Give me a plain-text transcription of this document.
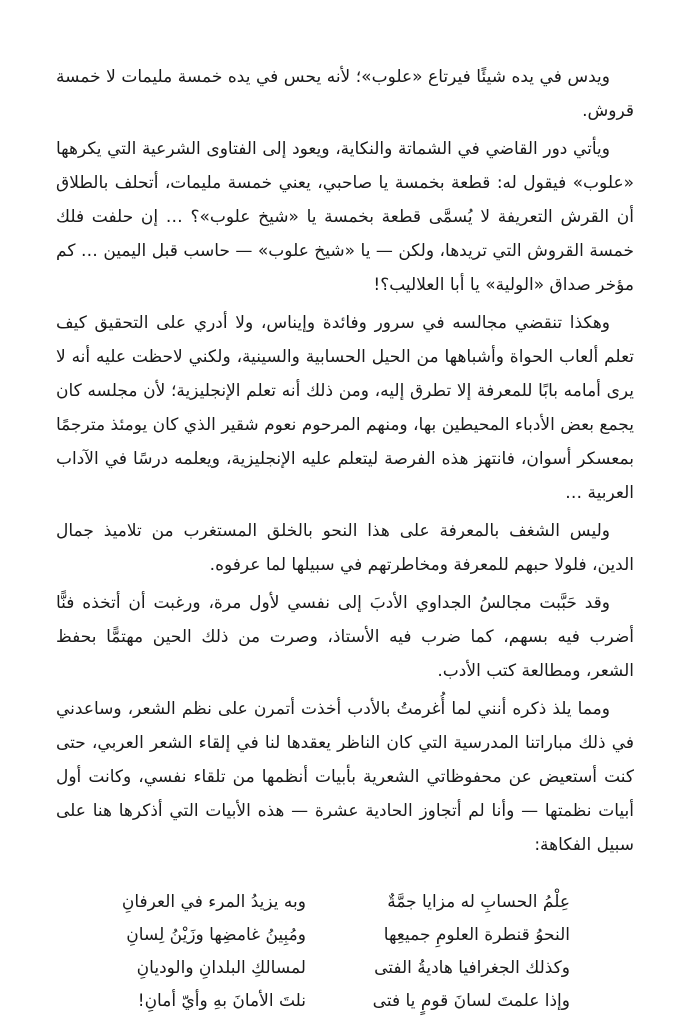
ويدس في يده شيئًا فيرتاع «علوب»؛ لأنه يحس في يده خمسة مليمات لا خمسة قروش.

ويأتي دور القاضي في الشماتة والنكاية، ويعود إلى الفتاوى الشرعية التي يكرهها «علوب» فيقول له: قطعة بخمسة يا صاحبي، يعني خمسة مليمات، أتحلف بالطلاق أن القرش التعريفة لا يُسمَّى قطعة بخمسة يا «شيخ علوب»؟ … إن حلفت فلك خمسة القروش التي تريدها، ولكن — يا «شيخ علوب» — حاسب قبل اليمين … كم مؤخر صداق «الولية» يا أبا العلاليب؟!

وهكذا تنقضي مجالسه في سرور وفائدة وإيناس، ولا أدري على التحقيق كيف تعلم ألعاب الحواة وأشباهها من الحيل الحسابية والسينية، ولكني لاحظت عليه أنه لا يرى أمامه بابًا للمعرفة إلا تطرق إليه، ومن ذلك أنه تعلم الإنجليزية؛ لأن مجلسه كان يجمع بعض الأدباء المحيطين بها، ومنهم المرحوم نعوم شقير الذي كان يومئذ مترجمًا بمعسكر أسوان، فانتهز هذه الفرصة ليتعلم عليه الإنجليزية، ويعلمه درسًا في الآداب العربية …

وليس الشغف بالمعرفة على هذا النحو بالخلق المستغرب من تلاميذ جمال الدين، فلولا حبهم للمعرفة ومخاطرتهم في سبيلها لما عرفوه.

وقد حَبَّبت مجالسُ الجداوي الأدبَ إلى نفسي لأول مرة، ورغبت أن أتخذه فنًّا أضرب فيه بسهم، كما ضرب فيه الأستاذ، وصرت من ذلك الحين مهتمًّا بحفظ الشعر، ومطالعة كتب الأدب.

ومما يلذ ذكره أنني لما أُغرمتُ بالأدب أخذت أتمرن على نظم الشعر، وساعدني في ذلك مباراتنا المدرسية التي كان الناظر يعقدها لنا في إلقاء الشعر العربي، حتى كنت أستعيض عن محفوظاتي الشعرية بأبيات أنظمها من تلقاء نفسي، وكانت أول أبيات نظمتها — وأنا لم أتجاوز الحادية عشرة — هذه الأبيات التي أذكرها هنا على سبيل الفكاهة:

عِلْمُ الحسابِ له مزايا جمَّةٌ
وبه يزيدُ المرء في العرفانِ
النحوُ قنطرة العلومِ جميعِها
ومُبِينُ غامضِها وزَيْنُ لِسانِ
وكذلك الجغرافيا هاديةُ الفتى
لمسالكِ البلدانِ والوديانِ
وإذا علمتَ لسانَ قومٍ يا فتى
نلتَ الأمانَ بهِ وأيّ أمانِ!
